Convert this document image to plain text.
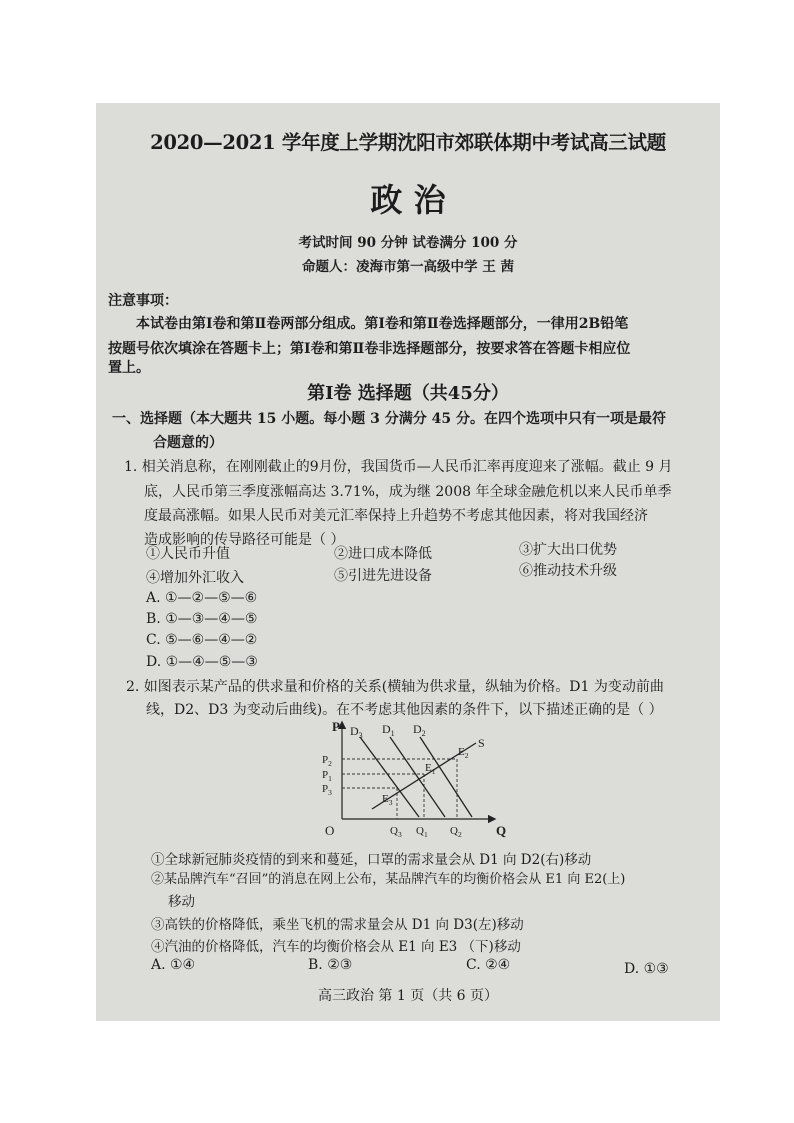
2020—2021 学年度上学期沈阳市郊联体期中考试高三试题
政 治
考试时间 90 分钟 试卷满分 100 分
命题人：凌海市第一高级中学 王 茜
注意事项：
本试卷由第Ⅰ卷和第Ⅱ卷两部分组成。第Ⅰ卷和第Ⅱ卷选择题部分，一律用2B铅笔
按题号依次填涂在答题卡上；第Ⅰ卷和第Ⅱ卷非选择题部分，按要求答在答题卡相应位
置上。
第Ⅰ卷 选择题（共45分）
一、选择题（本大题共 15 小题。每小题 3 分满分 45 分。在四个选项中只有一项是最符
合题意的）
1. 相关消息称，在刚刚截止的9月份，我国货币—人民币汇率再度迎来了涨幅。截止 9 月
底，人民币第三季度涨幅高达 3.71%，成为继 2008 年全球金融危机以来人民币单季
度最高涨幅。如果人民币对美元汇率保持上升趋势不考虑其他因素，将对我国经济
造成影响的传导路径可能是（ ）
①人民币升值	②进口成本降低	③扩大出口优势
④增加外汇收入	⑤引进先进设备	⑥推动技术升级
A. ①—②—⑤—⑥
B. ①—③—④—⑤
C. ⑤—⑥—④—②
D. ①—④—⑤—③
2. 如图表示某产品的供求量和价格的关系(横轴为供求量，纵轴为价格。D1 为变动前曲
线，D2、D3 为变动后曲线)。在不考虑其他因素的条件下，以下描述正确的是（ ）
P
Q
O
$D_3$ $D_1$ $D_2$
S
$P_2$
$P_1$
$P_3$
$Q_3$ $Q_1$ $Q_2$
$E_2$
$E_1$
$E_3$
①全球新冠肺炎疫情的到来和蔓延，口罩的需求量会从 D1 向 D2(右)移动
②某品牌汽车“召回”的消息在网上公布，某品牌汽车的均衡价格会从 E1 向 E2(上)
移动
③高铁的价格降低，乘坐飞机的需求量会从 D1 向 D3(左)移动
④汽油的价格降低，汽车的均衡价格会从 E1 向 E3 （下)移动
A. ①④	B. ②③	C. ②④	D. ①③
高三政治 第 1 页（共 6 页）
